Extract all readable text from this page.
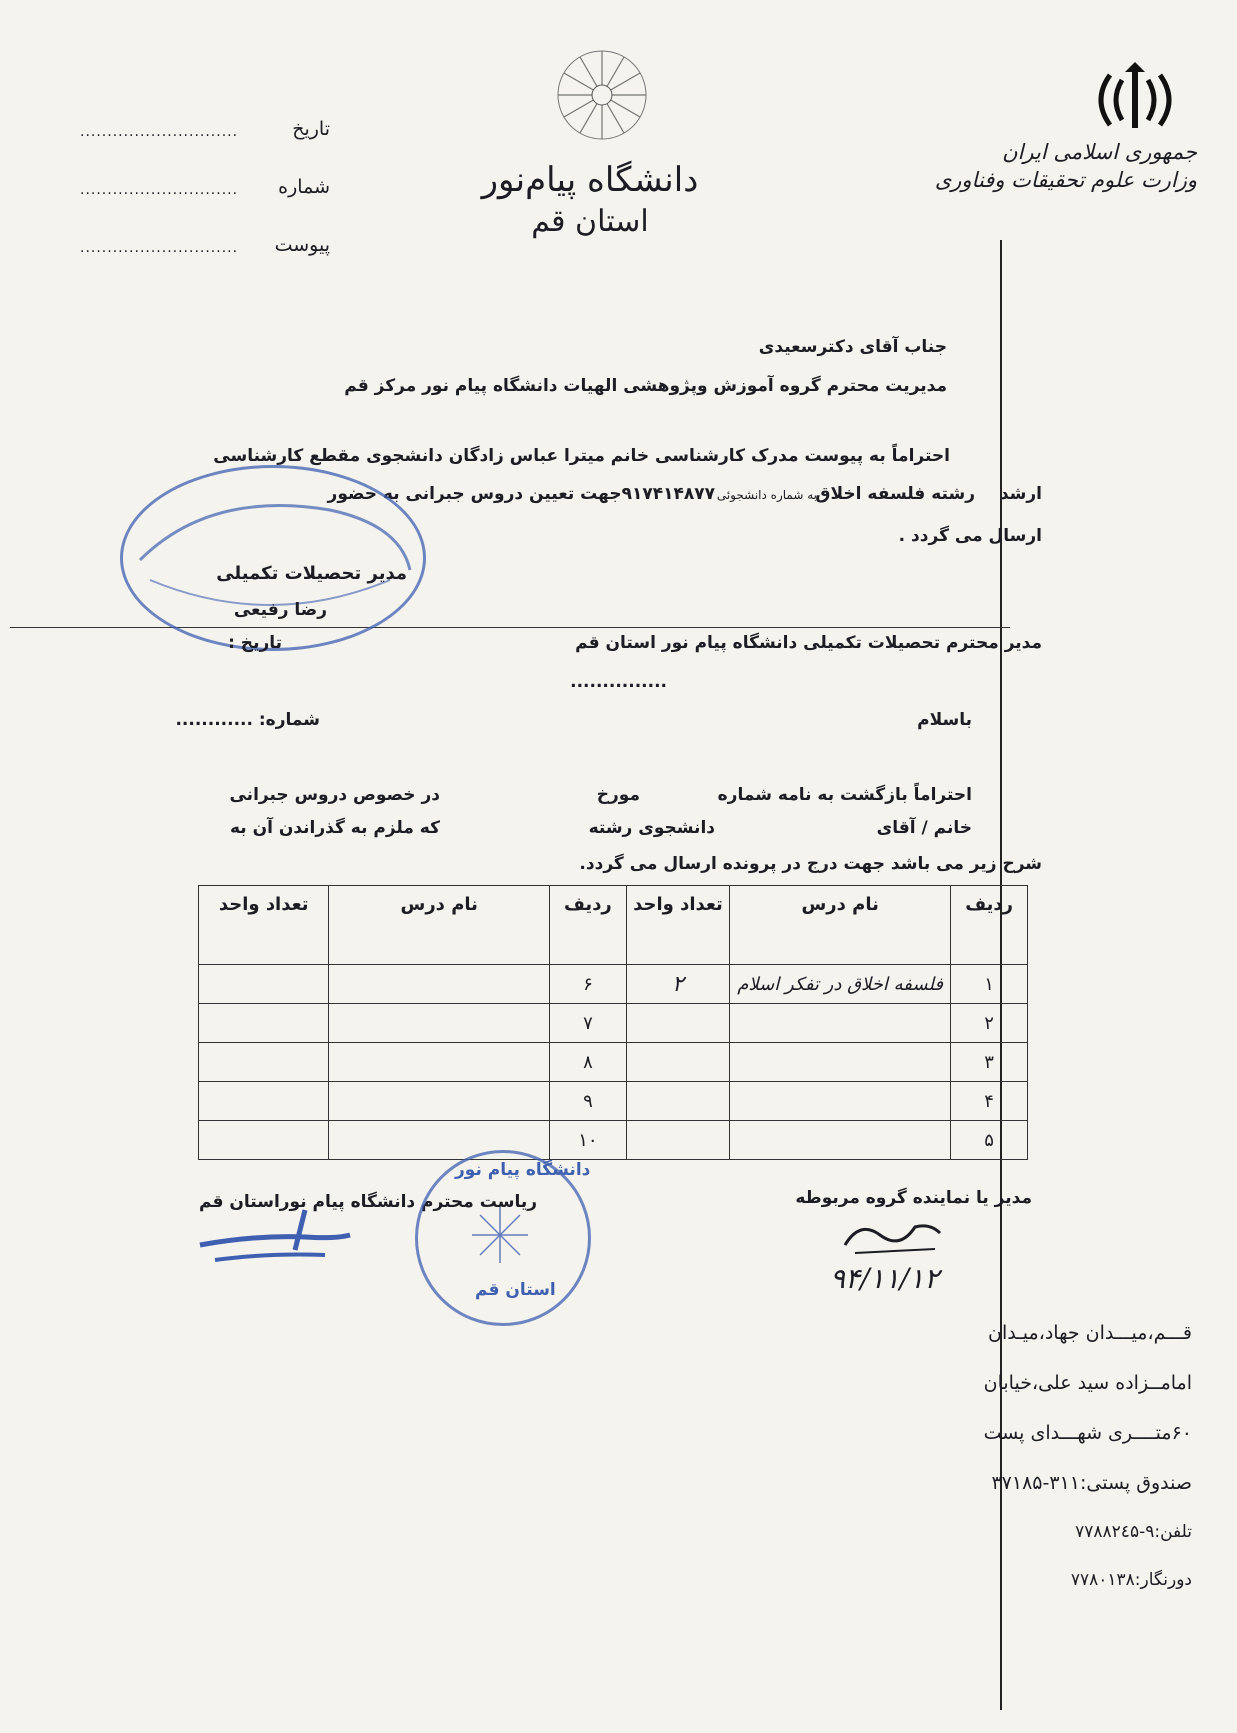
جمهوری اسلامی ایران
وزارت علوم تحقیقات وفناوری
دانشگاه پیام‌نور
استان قم
.............................	تاریخ
............................. شماره
............................. پیوست
جناب آقای دکترسعیدی
مدیریت محترم گروه آموزش وپژوهشی الهیات دانشگاه پیام نور مرکز قم
احتراماً به پیوست مدرک کارشناسی خانم میترا عباس زادگان دانشجوی مقطع کارشناسی
ارشد
رشته فلسفه اخلاق
به شماره دانشجوئی
۹۱۷۴۱۴۸۷۷جهت تعیین دروس جبرانی به حضور
ارسال می گردد .
مدیر تحصیلات تکمیلی
رضا رفیعی
مدیر محترم تحصیلات تکمیلی دانشگاه پیام نور استان قم
...............
تاریخ :
شماره: ............	باسلام
احتراماً بازگشت به نامه شماره
مورخ
در خصوص دروس جبرانی
خانم / آقای
دانشجوی رشته
که ملزم به گذراندن آن به
شرح زیر می باشد جهت درج در پرونده ارسال می گردد.
ردیف	نام درس	تعداد واحد	ردیف	نام درس	تعداد واحد
۱	فلسفه اخلاق در تفکر اسلام	۲	۶		
۲			۷		
۳			۸		
۴			۹		
۵			۱۰		
مدیر یا نماینده گروه مربوطه
۹۴/۱۱/۱۲
ریاست محترم دانشگاه پیام نوراستان قم
دانشگاه پیام نور
استان قم
قـــم،میـــدان جهاد،میـدان
امامــزاده سید علی،خیابان
۶۰متــــری شهـــدای پست
صندوق پستی:۳۱۱-۳۷۱۸۵
تلفن:۹-۷۷۸۸۲٤۵
دورنگار:۷۷۸۰۱۳۸
